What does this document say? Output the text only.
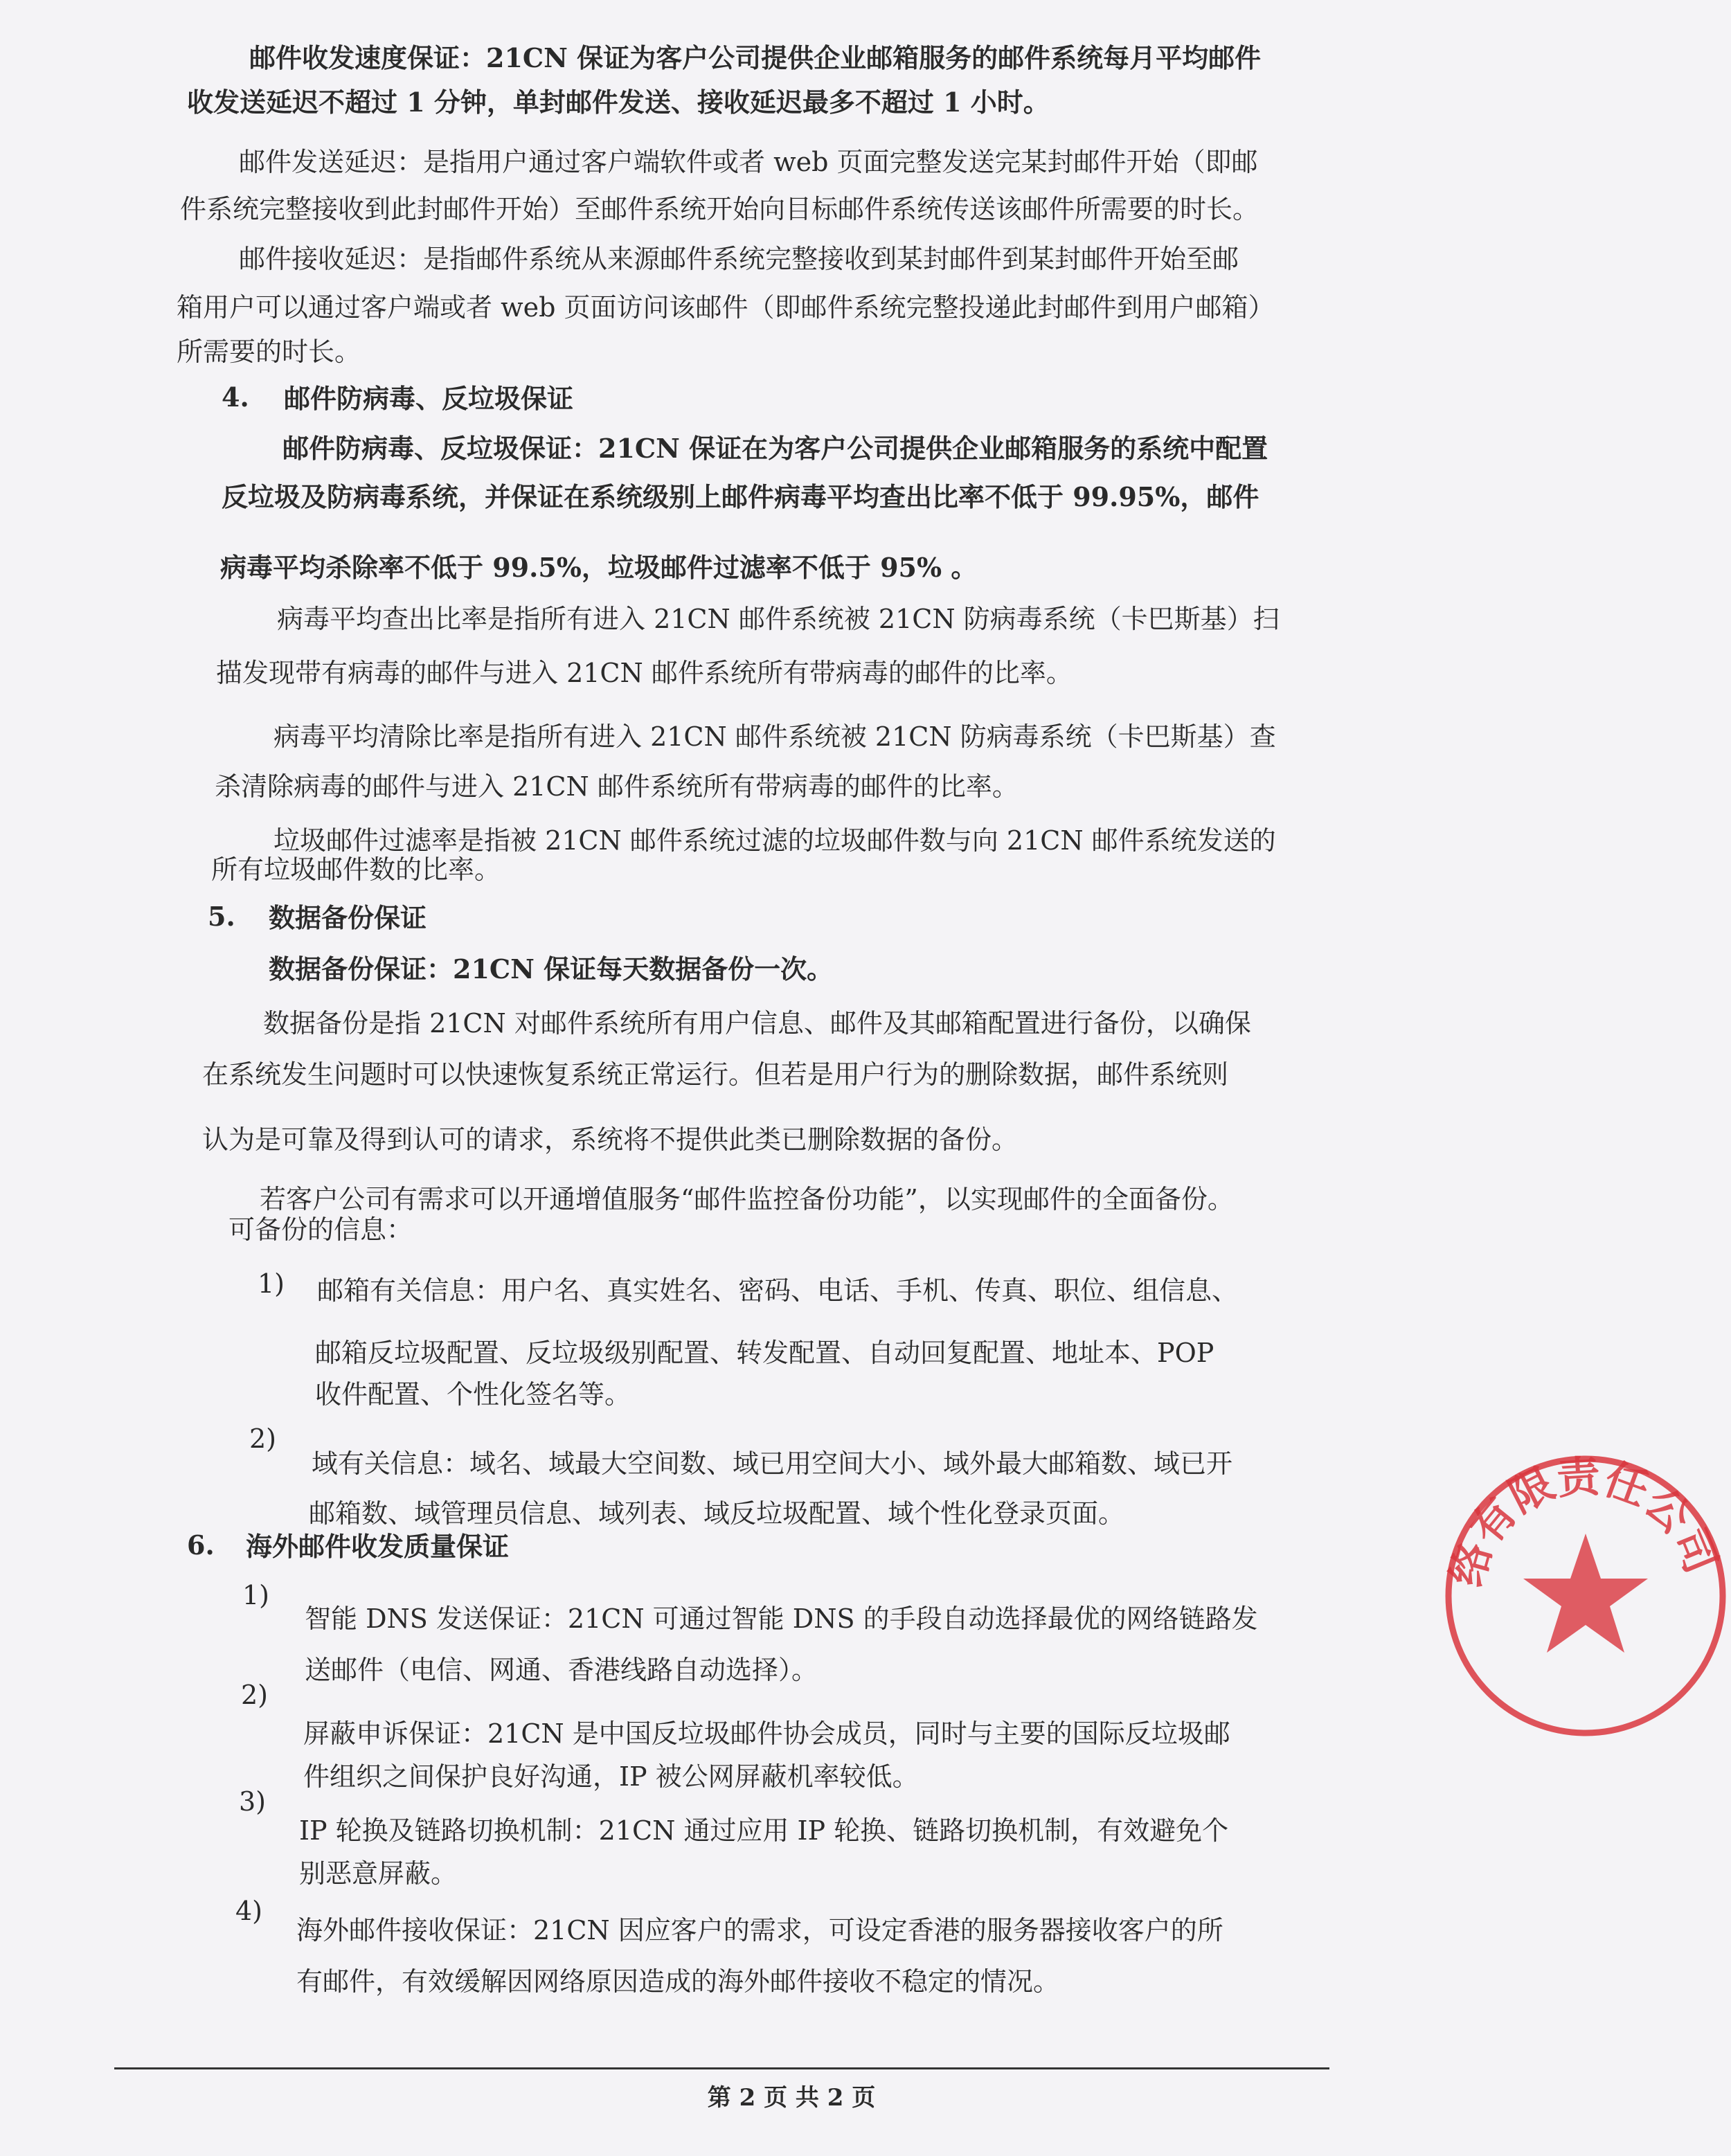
邮件收发速度保证：21CN 保证为客户公司提供企业邮箱服务的邮件系统每月平均邮件
收发送延迟不超过 1 分钟，单封邮件发送、接收延迟最多不超过 1 小时。
邮件发送延迟：是指用户通过客户端软件或者 web 页面完整发送完某封邮件开始（即邮
件系统完整接收到此封邮件开始）至邮件系统开始向目标邮件系统传送该邮件所需要的时长。
邮件接收延迟：是指邮件系统从来源邮件系统完整接收到某封邮件到某封邮件开始至邮
箱用户可以通过客户端或者 web 页面访问该邮件（即邮件系统完整投递此封邮件到用户邮箱）
所需要的时长。
4. 邮件防病毒、反垃圾保证
邮件防病毒、反垃圾保证：21CN 保证在为客户公司提供企业邮箱服务的系统中配置
反垃圾及防病毒系统，并保证在系统级别上邮件病毒平均查出比率不低于 99.95%，邮件
病毒平均杀除率不低于 99.5%，垃圾邮件过滤率不低于 95% 。
病毒平均查出比率是指所有进入 21CN 邮件系统被 21CN 防病毒系统（卡巴斯基）扫
描发现带有病毒的邮件与进入 21CN 邮件系统所有带病毒的邮件的比率。
病毒平均清除比率是指所有进入 21CN 邮件系统被 21CN 防病毒系统（卡巴斯基）查
杀清除病毒的邮件与进入 21CN 邮件系统所有带病毒的邮件的比率。
垃圾邮件过滤率是指被 21CN 邮件系统过滤的垃圾邮件数与向 21CN 邮件系统发送的
所有垃圾邮件数的比率。
5. 数据备份保证
数据备份保证：21CN 保证每天数据备份一次。
数据备份是指 21CN 对邮件系统所有用户信息、邮件及其邮箱配置进行备份，以确保
在系统发生问题时可以快速恢复系统正常运行。但若是用户行为的删除数据，邮件系统则
认为是可靠及得到认可的请求，系统将不提供此类已删除数据的备份。
若客户公司有需求可以开通增值服务“邮件监控备份功能”，以实现邮件的全面备份。
可备份的信息：
1) 邮箱有关信息：用户名、真实姓名、密码、电话、手机、传真、职位、组信息、
邮箱反垃圾配置、反垃圾级别配置、转发配置、自动回复配置、地址本、POP
收件配置、个性化签名等。
2)
域有关信息：域名、域最大空间数、域已用空间大小、域外最大邮箱数、域已开
邮箱数、域管理员信息、域列表、域反垃圾配置、域个性化登录页面。
6. 海外邮件收发质量保证
1)
智能 DNS 发送保证：21CN 可通过智能 DNS 的手段自动选择最优的网络链路发
送邮件（电信、网通、香港线路自动选择）。
2)
屏蔽申诉保证：21CN 是中国反垃圾邮件协会成员，同时与主要的国际反垃圾邮
件组织之间保护良好沟通，IP 被公网屏蔽机率较低。
3)
IP 轮换及链路切换机制：21CN 通过应用 IP 轮换、链路切换机制，有效避免个
别恶意屏蔽。
4)
海外邮件接收保证：21CN 因应客户的需求，可设定香港的服务器接收客户的所
有邮件，有效缓解因网络原因造成的海外邮件接收不稳定的情况。
第 2 页 共 2 页
络有限责任公司
